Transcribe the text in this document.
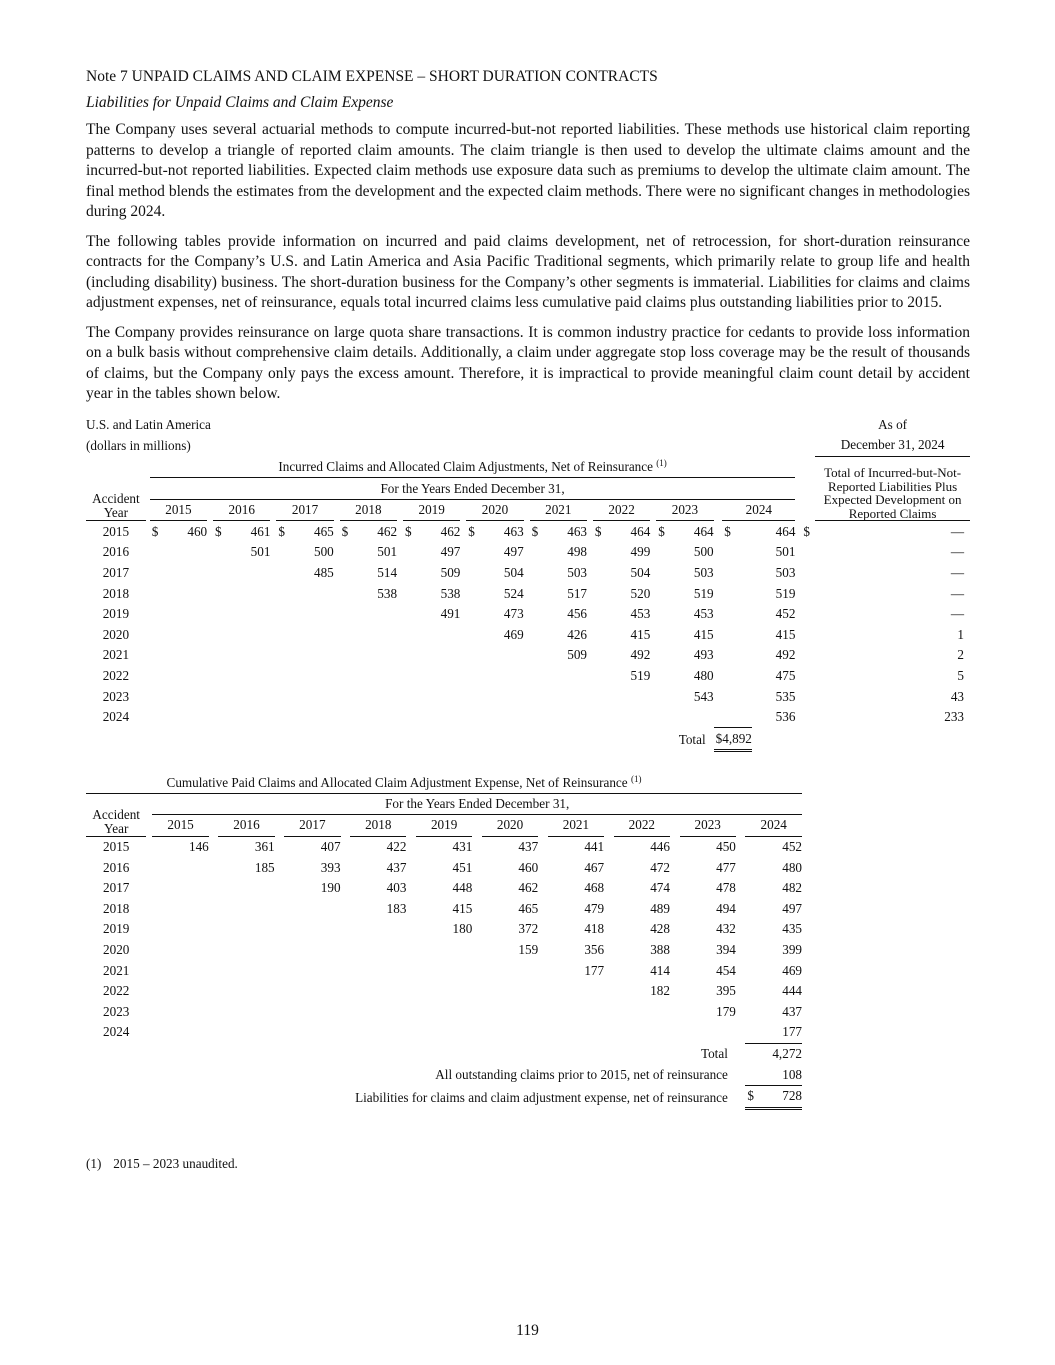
Note 7 UNPAID CLAIMS AND CLAIM EXPENSE – SHORT DURATION CONTRACTS
Liabilities for Unpaid Claims and Claim Expense

The Company uses several actuarial methods to compute incurred-but-not reported liabilities. These methods use historical claim reporting patterns to develop a triangle of reported claim amounts. The claim triangle is then used to develop the ultimate claims amount and the incurred-but-not reported liabilities. Expected claim methods use exposure data such as premiums to develop the ultimate claim amount. The final method blends the estimates from the development and the expected claim methods. There were no significant changes in methodologies during 2024.

The following tables provide information on incurred and paid claims development, net of retrocession, for short-duration reinsurance contracts for the Company’s U.S. and Latin America and Asia Pacific Traditional segments, which primarily relate to group life and health (including disability) business. The short-duration business for the Company’s other segments is immaterial. Liabilities for claims and claims adjustment expenses, net of reinsurance, equals total incurred claims less cumulative paid claims plus outstanding liabilities prior to 2015.

The Company provides reinsurance on large quota share transactions. It is common industry practice for cedants to provide loss information on a bulk basis without comprehensive claim details. Additionally, a claim under aggregate stop loss coverage may be the result of thousands of claims, but the Company only pays the excess amount. Therefore, it is impractical to provide meaningful claim count detail by accident year in the tables shown below.

U.S. and Latin America																																	As of
(dollars in millions)																																	December 31, 2024
		Incurred Claims and Allocated Claim Adjustments, Net of Reinsurance $^{(1)}$																															Total of Incurred-but-Not-Reported Liabilities Plus Expected Development on Reported Claims

Accident
Year		For the Years Ended December 31,																															
		2015			2016			2017			2018			2019			2020			2021			2022			2023			2024				
2015		$	460		$	461		$	465		$	462		$	462		$	463		$	463		$	464		$	464		$	464		$	—
2016						501			500			501			497			497			498			499			500			501			—
2017									485			514			509			504			503			504			503			503			—
2018												538			538			524			517			520			519			519			—
2019															491			473			456			453			453			452			—
2020																		469			426			415			415			415			1
2021																					509			492			493			492			2
2022																								519			480			475			5
2023																											543			535			43
2024																														536			233
Total																												$	4,892				
Cumulative Paid Claims and Allocated Claim Adjustment Expense, Net of Reinsurance $^{(1)}$

Accident
Year		For the Years Ended December 31,																		
		2015		2016		2017		2018		2019		2020		2021		2022		2023		2024
2015		146		361		407		422		431		437		441		446		450		452
2016				185		393		437		451		460		467		472		477		480
2017						190		403		448		462		468		474		478		482
2018								183		415		465		479		489		494		497
2019										180		372		418		428		432		435
2020												159		356		388		394		399
2021														177		414		454		469
2022																182		395		444
2023																		179		437
2024																				177
Total																				4,272

All outstanding claims prior to 2015, net of reinsurance																				108

Liabilities for claims and claim adjustment expense, net of reinsurance																				$ 728
(1) 2015 – 2023 unaudited.
119
